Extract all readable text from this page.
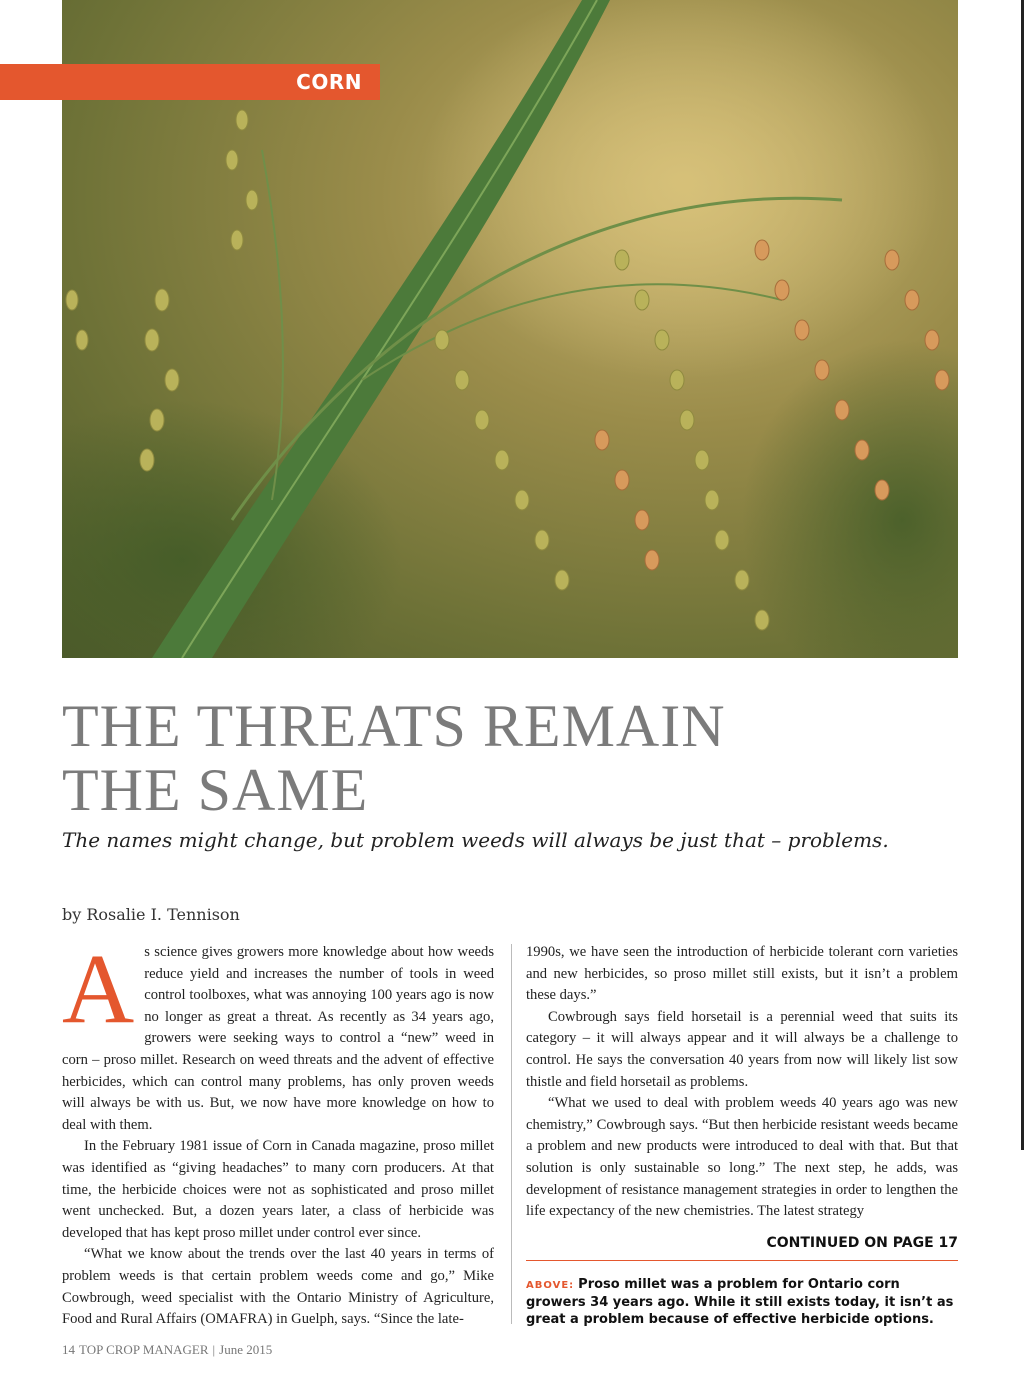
CORN
THE THREATS REMAIN
THE SAME

The names might change, but problem weeds will always be just that – problems.

by Rosalie I. Tennison

As science gives growers more knowledge about how weeds reduce yield and increases the number of tools in weed control toolboxes, what was annoying 100 years ago is now no longer as great a threat. As recently as 34 years ago, growers were seeking ways to control a “new” weed in corn – proso millet. Research on weed threats and the advent of effective herbicides, which can control many problems, has only proven weeds will always be with us. But, we now have more knowledge on how to deal with them.

In the February 1981 issue of Corn in Canada magazine, proso millet was identified as “giving headaches” to many corn producers. At that time, the herbicide choices were not as sophisticated and proso millet went unchecked. But, a dozen years later, a class of herbicide was developed that has kept proso millet under control ever since.

“What we know about the trends over the last 40 years in terms of problem weeds is that certain problem weeds come and go,” Mike Cowbrough, weed specialist with the Ontario Ministry of Agriculture, Food and Rural Affairs (OMAFRA) in Guelph, says. “Since the late-

1990s, we have seen the introduction of herbicide tolerant corn varieties and new herbicides, so proso millet still exists, but it isn’t a problem these days.”

Cowbrough says field horsetail is a perennial weed that suits its category – it will always appear and it will always be a challenge to control. He says the conversation 40 years from now will likely list sow thistle and field horsetail as problems.

“What we used to deal with problem weeds 40 years ago was new chemistry,” Cowbrough says. “But then herbicide resistant weeds became a problem and new products were introduced to deal with that. But that solution is only sustainable so long.” The next step, he adds, was development of resistance management strategies in order to lengthen the life expectancy of the new chemistries. The latest strategy

CONTINUED ON PAGE 17
ABOVE: Proso millet was a problem for Ontario corn growers 34 years ago. While it still exists today, it isn’t as great a problem because of effective herbicide options.
14 TOP CROP MANAGER | June 2015
